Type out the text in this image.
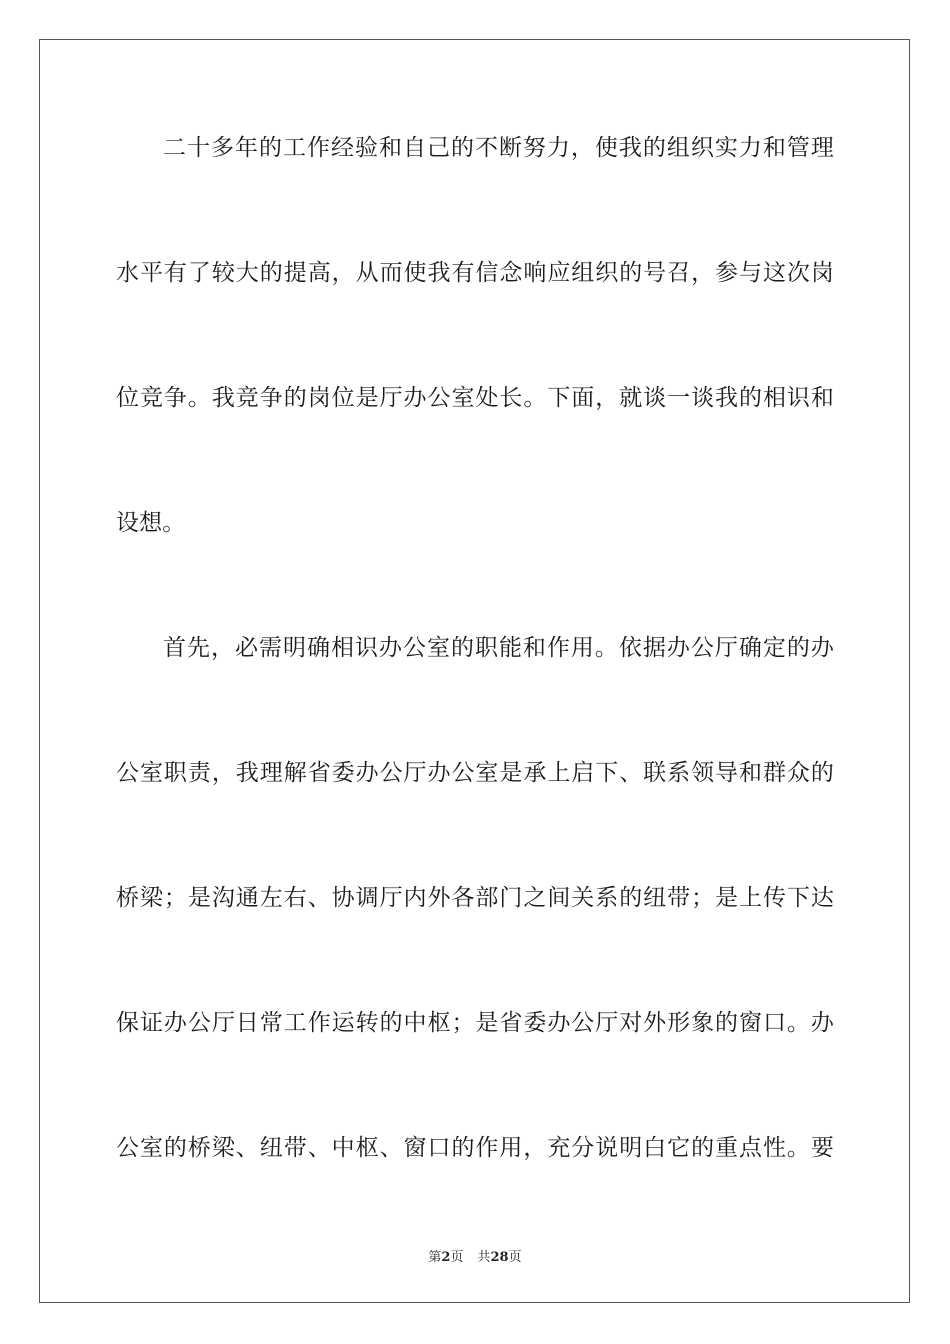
二十多年的工作经验和自己的不断努力，使我的组织实力和管理
水平有了较大的提高，从而使我有信念响应组织的号召，参与这次岗
位竞争。我竞争的岗位是厅办公室处长。下面，就谈一谈我的相识和
设想。
首先，必需明确相识办公室的职能和作用。依据办公厅确定的办
公室职责，我理解省委办公厅办公室是承上启下、联系领导和群众的
桥梁；是沟通左右、协调厅内外各部门之间关系的纽带；是上传下达
保证办公厅日常工作运转的中枢；是省委办公厅对外形象的窗口。办
公室的桥梁、纽带、中枢、窗口的作用，充分说明白它的重点性。要
第2页 共28页
